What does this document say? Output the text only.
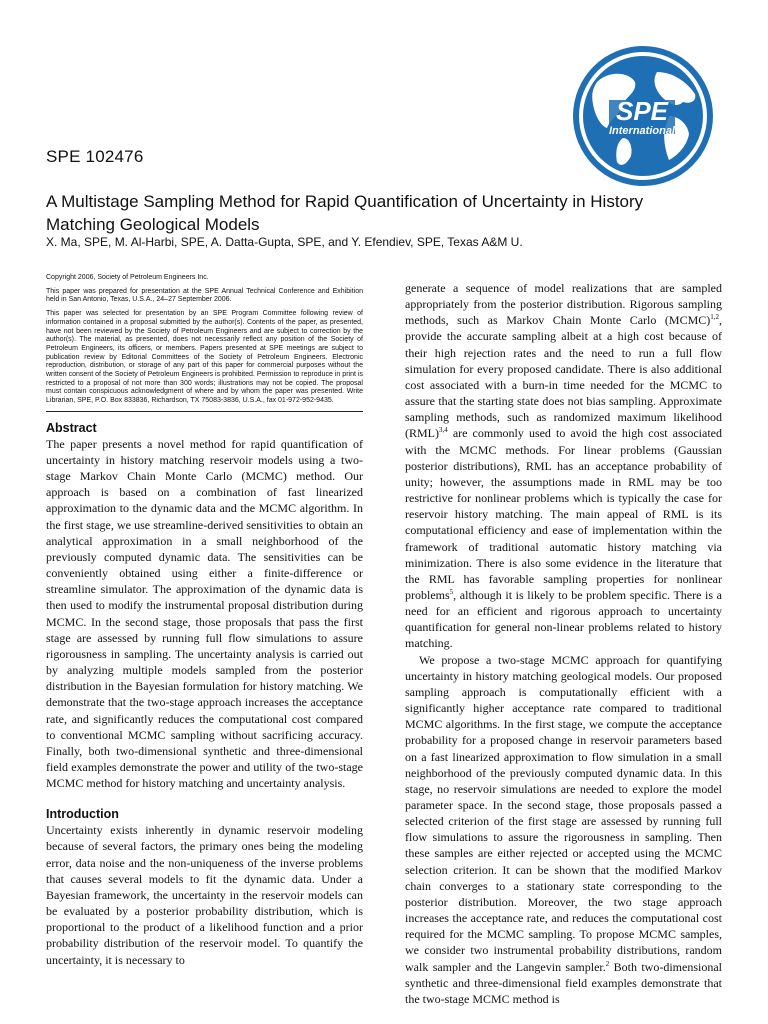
SPE
International
SPE 102476
A Multistage Sampling Method for Rapid Quantification of Uncertainty in History Matching Geological Models
X. Ma, SPE, M. Al-Harbi, SPE, A. Datta-Gupta, SPE, and Y. Efendiev, SPE, Texas A&M U.

Copyright 2006, Society of Petroleum Engineers Inc.

This paper was prepared for presentation at the SPE Annual Technical Conference and Exhibition held in San Antonio, Texas, U.S.A., 24–27 September 2006.

This paper was selected for presentation by an SPE Program Committee following review of information contained in a proposal submitted by the author(s). Contents of the paper, as presented, have not been reviewed by the Society of Petroleum Engineers and are subject to correction by the author(s). The material, as presented, does not necessarily reflect any position of the Society of Petroleum Engineers, its officers, or members. Papers presented at SPE meetings are subject to publication review by Editorial Committees of the Society of Petroleum Engineers. Electronic reproduction, distribution, or storage of any part of this paper for commercial purposes without the written consent of the Society of Petroleum Engineers is prohibited. Permission to reproduce in print is restricted to a proposal of not more than 300 words; illustrations may not be copied. The proposal must contain conspicuous acknowledgment of where and by whom the paper was presented. Write Librarian, SPE, P.O. Box 833836, Richardson, TX 75083-3836, U.S.A., fax 01-972-952-9435.

Abstract

The paper presents a novel method for rapid quantification of uncertainty in history matching reservoir models using a two-stage Markov Chain Monte Carlo (MCMC) method. Our approach is based on a combination of fast linearized approximation to the dynamic data and the MCMC algorithm. In the first stage, we use streamline-derived sensitivities to obtain an analytical approximation in a small neighborhood of the previously computed dynamic data. The sensitivities can be conveniently obtained using either a finite-difference or streamline simulator. The approximation of the dynamic data is then used to modify the instrumental proposal distribution during MCMC. In the second stage, those proposals that pass the first stage are assessed by running full flow simulations to assure rigorousness in sampling. The uncertainty analysis is carried out by analyzing multiple models sampled from the posterior distribution in the Bayesian formulation for history matching. We demonstrate that the two-stage approach increases the acceptance rate, and significantly reduces the computational cost compared to conventional MCMC sampling without sacrificing accuracy. Finally, both two-dimensional synthetic and three-dimensional field examples demonstrate the power and utility of the two-stage MCMC method for history matching and uncertainty analysis.

Introduction

Uncertainty exists inherently in dynamic reservoir modeling because of several factors, the primary ones being the modeling error, data noise and the non-uniqueness of the inverse problems that causes several models to fit the dynamic data. Under a Bayesian framework, the uncertainty in the reservoir models can be evaluated by a posterior probability distribution, which is proportional to the product of a likelihood function and a prior probability distribution of the reservoir model. To quantify the uncertainty, it is necessary to

generate a sequence of model realizations that are sampled appropriately from the posterior distribution. Rigorous sampling methods, such as Markov Chain Monte Carlo (MCMC)$^{1,2}$, provide the accurate sampling albeit at a high cost because of their high rejection rates and the need to run a full flow simulation for every proposed candidate. There is also additional cost associated with a burn-in time needed for the MCMC to assure that the starting state does not bias sampling. Approximate sampling methods, such as randomized maximum likelihood (RML)$^{3,4}$ are commonly used to avoid the high cost associated with the MCMC methods. For linear problems (Gaussian posterior distributions), RML has an acceptance probability of unity; however, the assumptions made in RML may be too restrictive for nonlinear problems which is typically the case for reservoir history matching. The main appeal of RML is its computational efficiency and ease of implementation within the framework of traditional automatic history matching via minimization. There is also some evidence in the literature that the RML has favorable sampling properties for nonlinear problems$^5$, although it is likely to be problem specific. There is a need for an efficient and rigorous approach to uncertainty quantification for general non-linear problems related to history matching.

We propose a two-stage MCMC approach for quantifying uncertainty in history matching geological models. Our proposed sampling approach is computationally efficient with a significantly higher acceptance rate compared to traditional MCMC algorithms. In the first stage, we compute the acceptance probability for a proposed change in reservoir parameters based on a fast linearized approximation to flow simulation in a small neighborhood of the previously computed dynamic data. In this stage, no reservoir simulations are needed to explore the model parameter space. In the second stage, those proposals passed a selected criterion of the first stage are assessed by running full flow simulations to assure the rigorousness in sampling. Then these samples are either rejected or accepted using the MCMC selection criterion. It can be shown that the modified Markov chain converges to a stationary state corresponding to the posterior distribution. Moreover, the two stage approach increases the acceptance rate, and reduces the computational cost required for the MCMC sampling. To propose MCMC samples, we consider two instrumental probability distributions, random walk sampler and the Langevin sampler.$^2$ Both two-dimensional synthetic and three-dimensional field examples demonstrate that the two-stage MCMC method is
